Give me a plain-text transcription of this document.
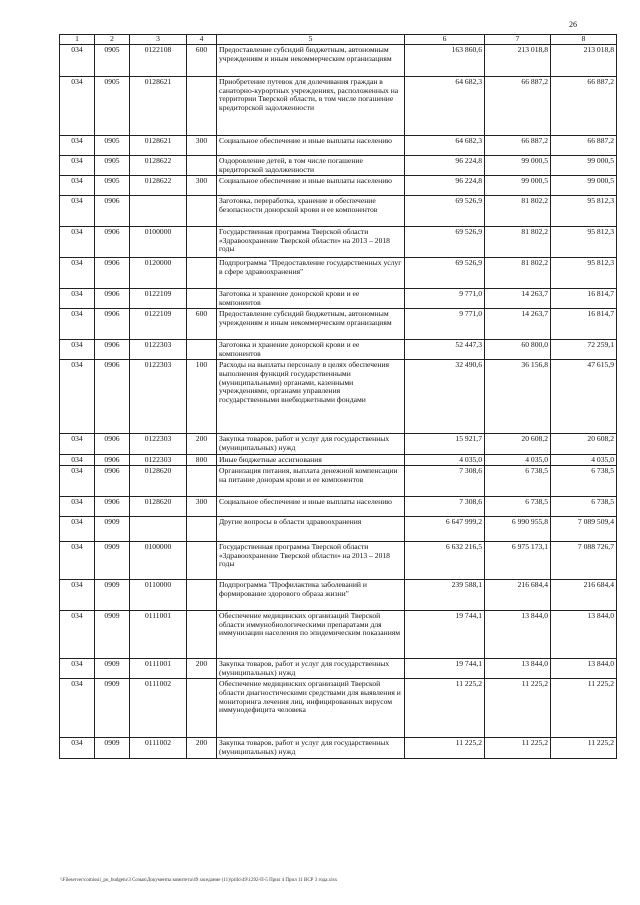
26
1	2	3	4	5	6	7	8
034	0905	0122108	600	Предоставление субсидий бюджетным, автономным учреждениям и иным некоммерческим организациям	163 860,6	213 018,8	213 018,8
034	0905	0128621		Приобретение путевок для долечивания граждан в санаторно-курортных учреждениях, расположенных на территории Тверской области, в том числе погашение кредиторской задолженности	64 682,3	66 887,2	66 887,2
034	0905	0128621	300	Социальное обеспечение и иные выплаты населению	64 682,3	66 887,2	66 887,2
034	0905	0128622		Оздоровление детей, в том числе погашение кредиторской задолженности	96 224,8	99 000,5	99 000,5
034	0905	0128622	300	Социальное обеспечение и иные выплаты населению	96 224,8	99 000,5	99 000,5
034	0906			Заготовка, переработка, хранение и обеспечение безопасности донорской крови и ее компонентов	69 526,9	81 802,2	95 812,3
034	0906	0100000		Государственная программа Тверской области «Здравоохранение Тверской области» на 2013 – 2018 годы	69 526,9	81 802,2	95 812,3
034	0906	0120000		Подпрограмма "Предоставление государственных услуг в сфере здравоохранения"	69 526,9	81 802,2	95 812,3
034	0906	0122109		Заготовка и хранение донорской крови и ее компонентов	9 771,0	14 263,7	16 814,7
034	0906	0122109	600	Предоставление субсидий бюджетным, автономным учреждениям и иным некоммерческим организациям	9 771,0	14 263,7	16 814,7
034	0906	0122303		Заготовка и хранение донорской крови и ее компонентов	52 447,3	60 800,0	72 259,1
034	0906	0122303	100	Расходы на выплаты персоналу в целях обеспечения выполнения функций государственными (муниципальными) органами, казенными учреждениями, органами управления государственными внебюджетными фондами	32 490,6	36 156,8	47 615,9
034	0906	0122303	200	Закупка товаров, работ и услуг для государственных (муниципальных) нужд	15 921,7	20 608,2	20 608,2
034	0906	0122303	800	Иные бюджетные ассигнования	4 035,0	4 035,0	4 035,0
034	0906	0128620		Организация питания, выплата денежной компенсации на питание донорам крови и ее компонентов	7 308,6	6 738,5	6 738,5
034	0906	0128620	300	Социальное обеспечение и иные выплаты населению	7 308,6	6 738,5	6 738,5
034	0909			Другие вопросы в области здравоохранения	6 647 999,2	6 990 955,8	7 089 509,4
034	0909	0100000		Государственная программа Тверской области «Здравоохранение Тверской области» на 2013 – 2018 годы	6 632 216,5	6 975 173,1	7 088 726,7
034	0909	0110000		Подпрограмма "Профилактика заболеваний и формирование здорового образа жизни"	239 588,1	216 684,4	216 684,4
034	0909	0111001		Обеспечение медицинских организаций Тверской области иммунобиологическими препаратами для иммунизации населения по эпидемическим показаниям	19 744,1	13 844,0	13 844,0
034	0909	0111001	200	Закупка товаров, работ и услуг для государственных (муниципальных) нужд	19 744,1	13 844,0	13 844,0
034	0909	0111002		Обеспечение медицинских организаций Тверской области диагностическими средствами для выявления и мониторинга лечения лиц, инфицированных вирусом иммунодефицита человека	11 225,2	11 225,2	11 225,2
034	0909	0111002	200	Закупка товаров, работ и услуг для государственных (муниципальных) нужд	11 225,2	11 225,2	11 225,2
\\Fileserver\comissii_po_budgetu\3 Созыв\Документы комитета\49 заседание (11)\prilo\49\1292-П-5 Прил 4 Прил 11 ВСР 3 года.xlsx
